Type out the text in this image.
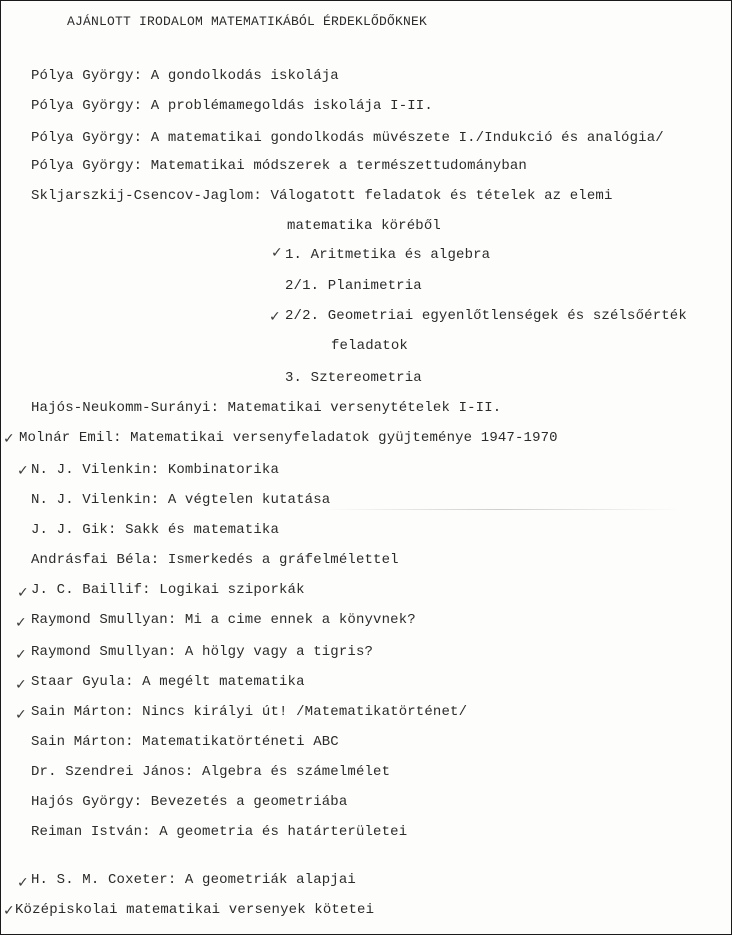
AJÁNLOTT IRODALOM MATEMATIKÁBÓL ÉRDEKLŐDŐKNEK
Pólya György: A gondolkodás iskolája
Pólya György: A problémamegoldás iskolája I-II.
Pólya György: A matematikai gondolkodás müvészete I./Indukció és analógia/
Pólya György: Matematikai módszerek a természettudományban
Skljarszkij-Csencov-Jaglom: Válogatott feladatok és tételek az elemi
matematika köréből
✓ 1. Aritmetika és algebra
2/1. Planimetria
✓ 2/2. Geometriai egyenlőtlenségek és szélsőérték
feladatok
3. Sztereometria
Hajós-Neukomm-Surányi: Matematikai versenytételek I-II.
✓ Molnár Emil: Matematikai versenyfeladatok gyüjteménye 1947-1970
✓ N. J. Vilenkin: Kombinatorika
N. J. Vilenkin: A végtelen kutatása
J. J. Gik: Sakk és matematika
Andrásfai Béla: Ismerkedés a gráfelmélettel
✓ J. C. Baillif: Logikai sziporkák
✓ Raymond Smullyan: Mi a cime ennek a könyvnek?
✓ Raymond Smullyan: A hölgy vagy a tigris?
✓ Staar Gyula: A megélt matematika
✓ Sain Márton: Nincs királyi út! /Matematikatörténet/
Sain Márton: Matematikatörténeti ABC
Dr. Szendrei János: Algebra és számelmélet
Hajós György: Bevezetés a geometriába
Reiman István: A geometria és határterületei
✓ H. S. M. Coxeter: A geometriák alapjai
✓ Középiskolai matematikai versenyek kötetei
